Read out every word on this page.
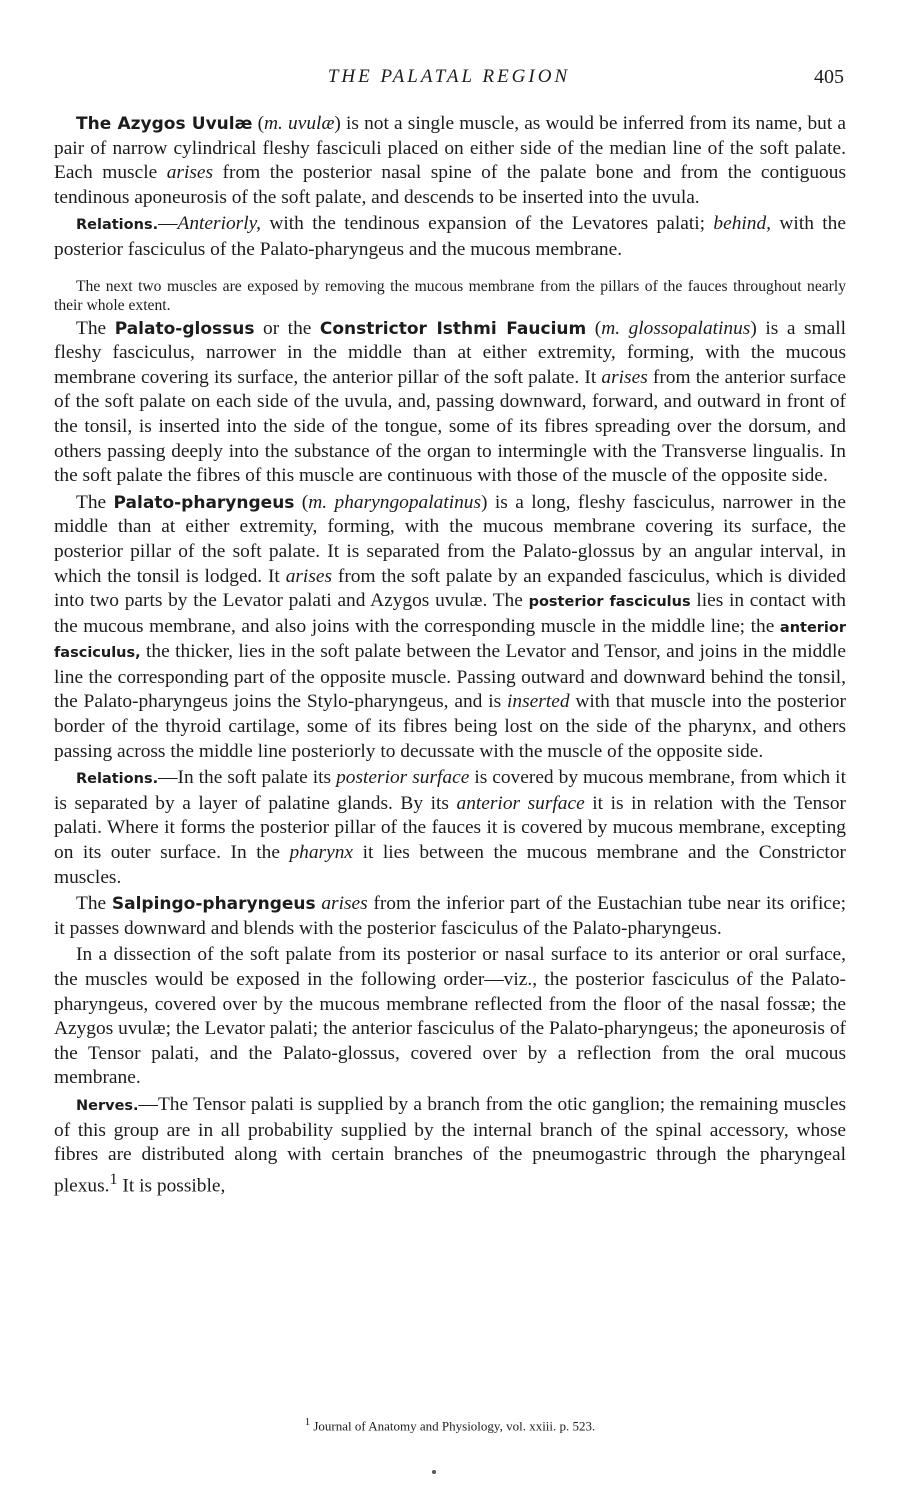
THE PALATAL REGION	405

The Azygos Uvulæ (m. uvulæ) is not a single muscle, as would be inferred from its name, but a pair of narrow cylindrical fleshy fasciculi placed on either side of the median line of the soft palate. Each muscle arises from the posterior nasal spine of the palate bone and from the contiguous tendinous aponeurosis of the soft palate, and descends to be inserted into the uvula.

Relations.—Anteriorly, with the tendinous expansion of the Levatores palati; behind, with the posterior fasciculus of the Palato-pharyngeus and the mucous membrane.

The next two muscles are exposed by removing the mucous membrane from the pillars of the fauces throughout nearly their whole extent.

The Palato-glossus or the Constrictor Isthmi Faucium (m. glossopalatinus) is a small fleshy fasciculus, narrower in the middle than at either extremity, forming, with the mucous membrane covering its surface, the anterior pillar of the soft palate. It arises from the anterior surface of the soft palate on each side of the uvula, and, passing downward, forward, and outward in front of the tonsil, is inserted into the side of the tongue, some of its fibres spreading over the dorsum, and others passing deeply into the substance of the organ to intermingle with the Transverse lingualis. In the soft palate the fibres of this muscle are continuous with those of the muscle of the opposite side.

The Palato-pharyngeus (m. pharyngopalatinus) is a long, fleshy fasciculus, narrower in the middle than at either extremity, forming, with the mucous membrane covering its surface, the posterior pillar of the soft palate. It is separated from the Palato-glossus by an angular interval, in which the tonsil is lodged. It arises from the soft palate by an expanded fasciculus, which is divided into two parts by the Levator palati and Azygos uvulæ. The posterior fasciculus lies in contact with the mucous membrane, and also joins with the corresponding muscle in the middle line; the anterior fasciculus, the thicker, lies in the soft palate between the Levator and Tensor, and joins in the middle line the corresponding part of the opposite muscle. Passing outward and downward behind the tonsil, the Palato-pharyngeus joins the Stylo-pharyngeus, and is inserted with that muscle into the posterior border of the thyroid cartilage, some of its fibres being lost on the side of the pharynx, and others passing across the middle line posteriorly to decussate with the muscle of the opposite side.

Relations.—In the soft palate its posterior surface is covered by mucous membrane, from which it is separated by a layer of palatine glands. By its anterior surface it is in relation with the Tensor palati. Where it forms the posterior pillar of the fauces it is covered by mucous membrane, excepting on its outer surface. In the pharynx it lies between the mucous membrane and the Constrictor muscles.

The Salpingo-pharyngeus arises from the inferior part of the Eustachian tube near its orifice; it passes downward and blends with the posterior fasciculus of the Palato-pharyngeus.

In a dissection of the soft palate from its posterior or nasal surface to its anterior or oral surface, the muscles would be exposed in the following order—viz., the posterior fasciculus of the Palato-pharyngeus, covered over by the mucous membrane reflected from the floor of the nasal fossæ; the Azygos uvulæ; the Levator palati; the anterior fasciculus of the Palato-pharyngeus; the aponeurosis of the Tensor palati, and the Palato-glossus, covered over by a reflection from the oral mucous membrane.

Nerves.—The Tensor palati is supplied by a branch from the otic ganglion; the remaining muscles of this group are in all probability supplied by the internal branch of the spinal accessory, whose fibres are distributed along with certain branches of the pneumogastric through the pharyngeal plexus.$^1$ It is possible,

$^1$ Journal of Anatomy and Physiology, vol. xxiii. p. 523.
